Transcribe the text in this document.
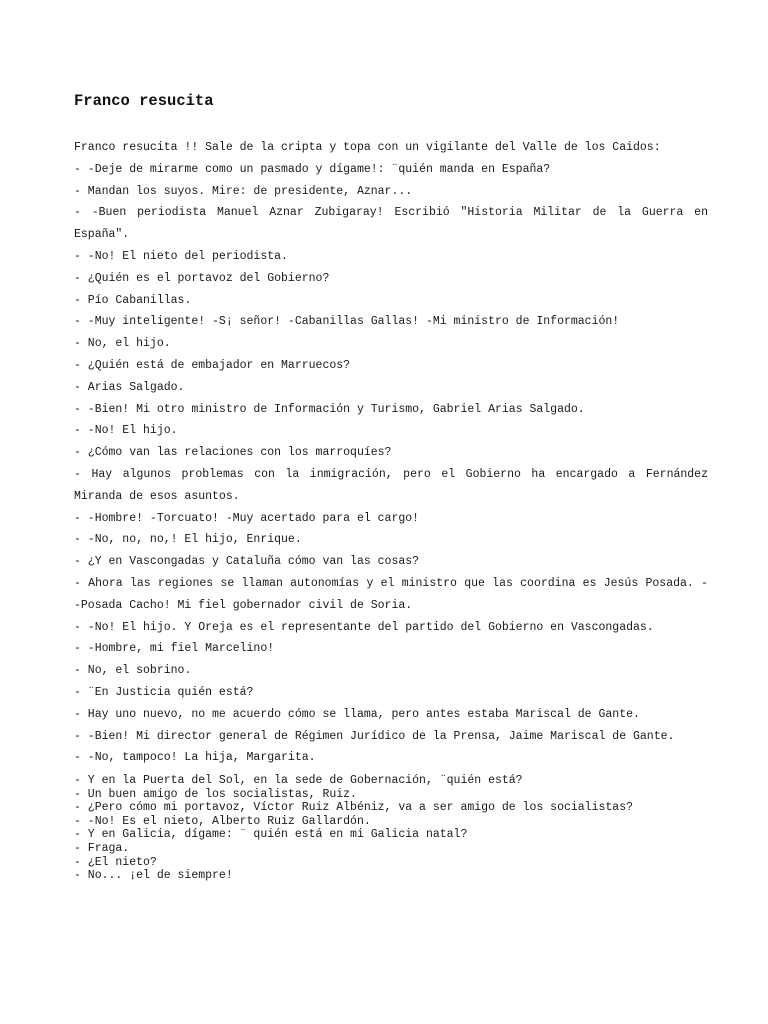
Franco resucita

Franco resucita !! Sale de la cripta y topa con un vigilante del Valle de los Caidos:

- -Deje de mirarme como un pasmado y dígame!: ¨quién manda en España?

- Mandan los suyos. Mire: de presidente, Aznar...

- -Buen periodista Manuel Aznar Zubigaray! Escribió "Historia Militar de la Guerra en España".

- -No! El nieto del periodista.

- ¿Quién es el portavoz del Gobierno?

- Pío Cabanillas.

- -Muy inteligente! -S¡ señor! -Cabanillas Gallas! -Mi ministro de Información!

- No, el hijo.

- ¿Quién está de embajador en Marruecos?

- Arias Salgado.

- -Bien! Mi otro ministro de Información y Turismo, Gabriel Arias Salgado.

- -No! El hijo.

- ¿Cómo van las relaciones con los marroquíes?

- Hay algunos problemas con la inmigración, pero el Gobierno ha encargado a Fernández Miranda de esos asuntos.

- -Hombre! -Torcuato! -Muy acertado para el cargo!

- -No, no, no,! El hijo, Enrique.

- ¿Y en Vascongadas y Cataluña cómo van las cosas?

- Ahora las regiones se llaman autonomías y el ministro que las coordina es Jesús Posada. - -Posada Cacho! Mi fiel gobernador civil de Soria.

- -No! El hijo. Y Oreja es el representante del partido del Gobierno en Vascongadas.

- -Hombre, mi fiel Marcelino!

- No, el sobrino.

- ¨En Justicia quién está?

- Hay uno nuevo, no me acuerdo cómo se llama, pero antes estaba Mariscal de Gante.

- -Bien! Mi director general de Régimen Jurídico de la Prensa, Jaime Mariscal de Gante.

- -No, tampoco! La hija, Margarita.

- Y en la Puerta del Sol, en la sede de Gobernación, ¨quién está?

- Un buen amigo de los socialistas, Ruiz.

- ¿Pero cómo mi portavoz, Víctor Ruiz Albéniz, va a ser amigo de los socialistas?

- -No! Es el nieto, Alberto Ruiz Gallardón.

- Y en Galicia, dígame: ¨ quién está en mi Galicia natal?

- Fraga.

- ¿El nieto?

- No... ¡el de siempre!
